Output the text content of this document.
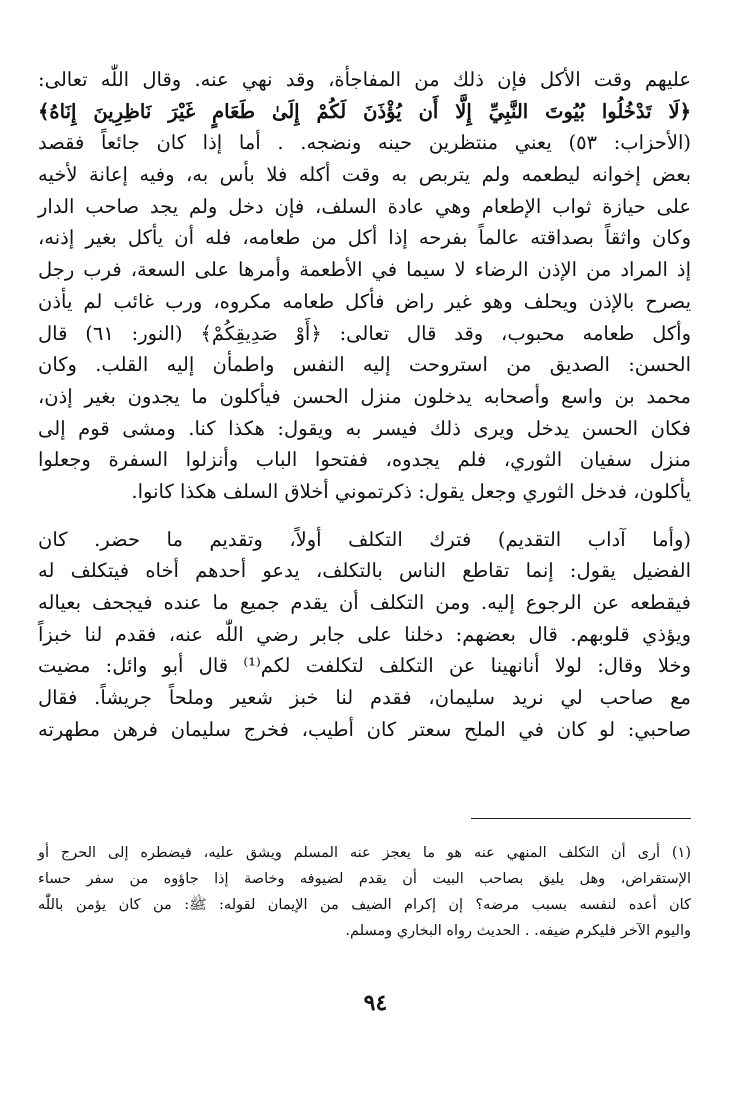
عليهم وقت الأكل فإن ذلك من المفاجأة، وقد نهي عنه. وقال اللّٰه تعالى:
﴿لَا تَدْخُلُوا بُيُوتَ النَّبِيِّ إِلَّا أَن يُؤْذَنَ لَكُمْ إِلَىٰ طَعَامٍ غَيْرَ نَاظِرِينَ إِنَاهُ﴾
(الأحزاب: ٥٣) يعني منتظرين حينه ونضجه. . أما إذا كان جائعاً فقصد
بعض إخوانه ليطعمه ولم يتربص به وقت أكله فلا بأس به، وفيه إعانة لأخيه
على حيازة ثواب الإطعام وهي عادة السلف، فإن دخل ولم يجد صاحب الدار
وكان واثقاً بصداقته عالماً بفرحه إذا أكل من طعامه، فله أن يأكل بغير إذنه،
إذ المراد من الإذن الرضاء لا سيما في الأطعمة وأمرها على السعة، فرب رجل
يصرح بالإذن ويحلف وهو غير راض فأكل طعامه مكروه، ورب غائب لم يأذن
وأكل طعامه محبوب، وقد قال تعالى: ﴿أَوْ صَدِيقِكُمْ﴾ (النور: ٦١) قال
الحسن: الصديق من استروحت إليه النفس واطمأن إليه القلب. وكان
محمد بن واسع وأصحابه يدخلون منزل الحسن فيأكلون ما يجدون بغير إذن،
فكان الحسن يدخل ويرى ذلك فيسر به ويقول: هكذا كنا. ومشى قوم إلى
منزل سفيان الثوري، فلم يجدوه، ففتحوا الباب وأنزلوا السفرة وجعلوا
يأكلون، فدخل الثوري وجعل يقول: ذكرتموني أخلاق السلف هكذا كانوا.
(وأما آداب التقديم) فترك التكلف أولاً، وتقديم ما حضر. كان
الفضيل يقول: إنما تقاطع الناس بالتكلف، يدعو أحدهم أخاه فيتكلف له
فيقطعه عن الرجوع إليه. ومن التكلف أن يقدم جميع ما عنده فيجحف بعياله
ويؤذي قلوبهم. قال بعضهم: دخلنا على جابر رضي اللّٰه عنه، فقدم لنا خبزاً
وخلا وقال: لولا أنانهينا عن التكلف لتكلفت لكم⁽¹⁾ قال أبو وائل: مضيت
مع صاحب لي نريد سليمان، فقدم لنا خبز شعير وملحاً جريشاً. فقال
صاحبي: لو كان في الملح سعتر كان أطيب، فخرج سليمان فرهن مطهرته
(١) أرى أن التكلف المنهي عنه هو ما يعجز عنه المسلم ويشق عليه، فيضطره إلى الحرج أو
الإستقراض، وهل يليق بصاحب البيت أن يقدم لضيوفه وخاصة إذا جاؤوه من سفر حساء
كان أعده لنفسه بسبب مرضه؟ إن إكرام الضيف من الإيمان لقوله: ﷺ: من كان يؤمن باللّٰه
واليوم الآخر فليكرم ضيفه. . الحديث رواه البخاري ومسلم.
٩٤
